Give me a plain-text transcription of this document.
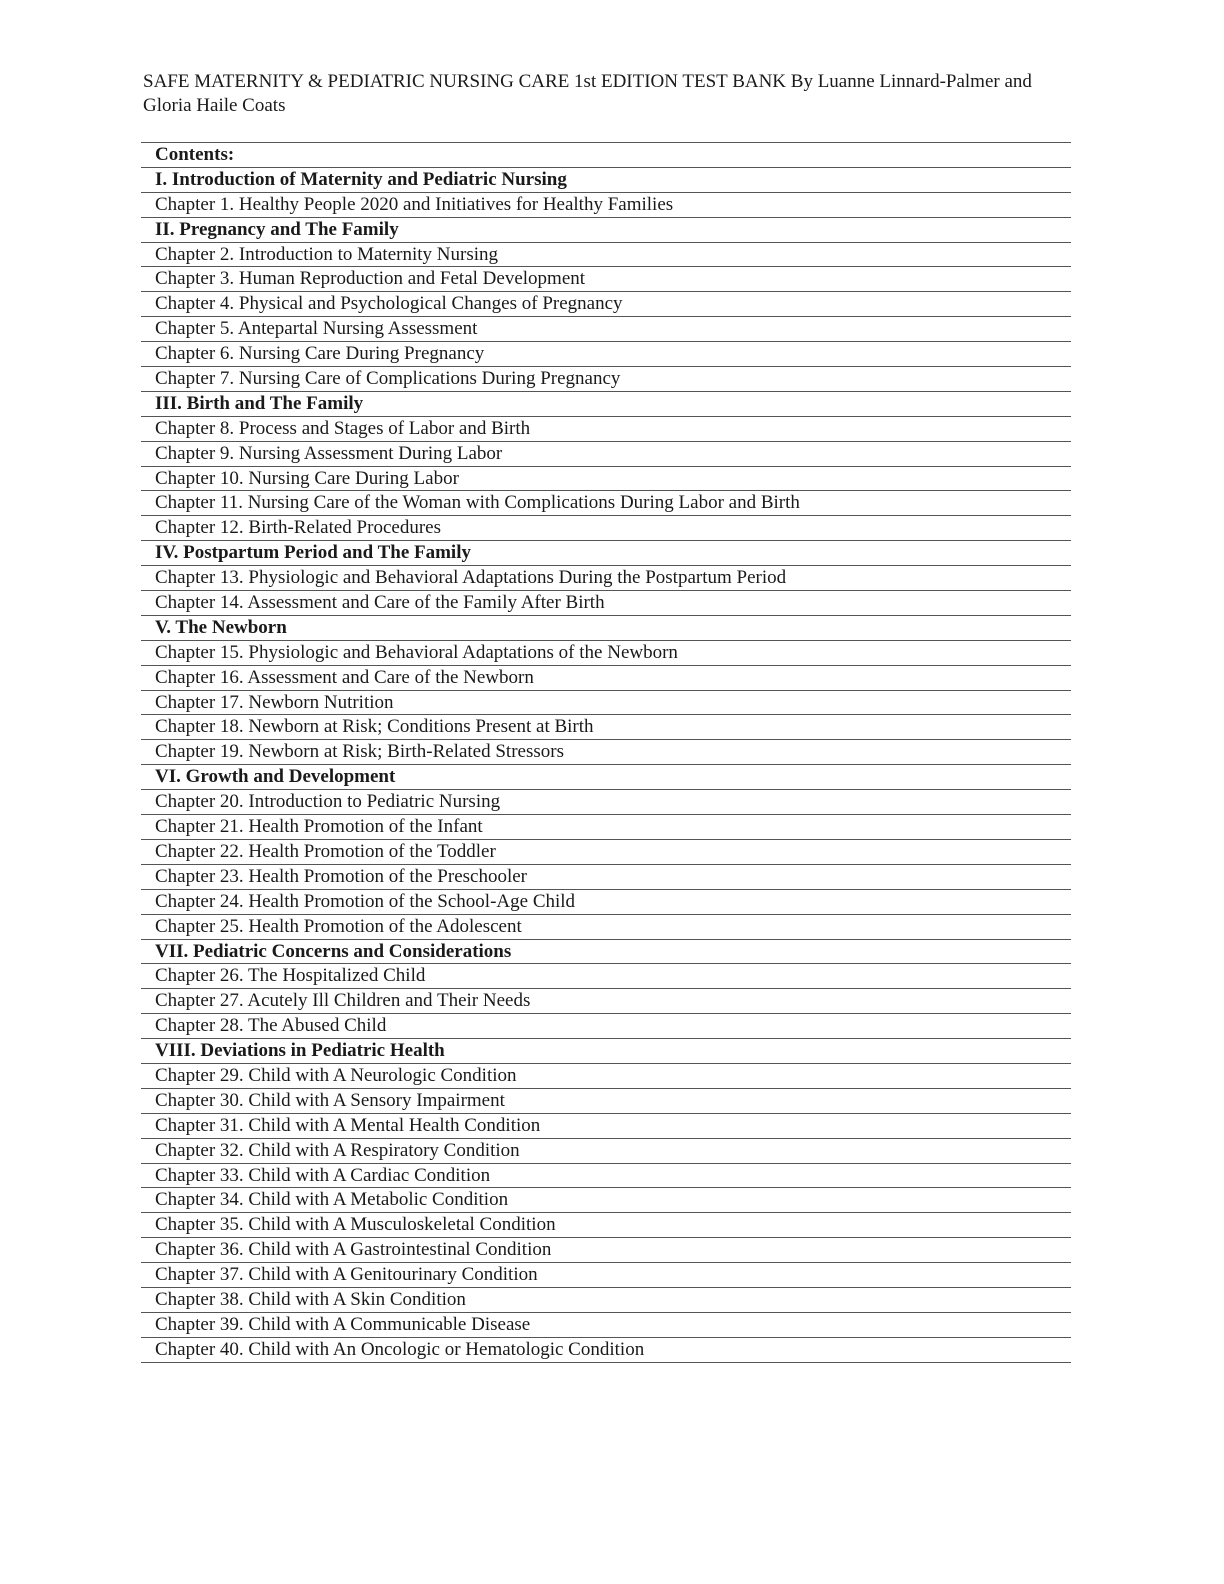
SAFE MATERNITY & PEDIATRIC NURSING CARE 1st EDITION TEST BANK By Luanne Linnard-Palmer and Gloria Haile Coats
Contents:
I. Introduction of Maternity and Pediatric Nursing
Chapter 1. Healthy People 2020 and Initiatives for Healthy Families
II. Pregnancy and The Family
Chapter 2. Introduction to Maternity Nursing
Chapter 3. Human Reproduction and Fetal Development
Chapter 4. Physical and Psychological Changes of Pregnancy
Chapter 5. Antepartal Nursing Assessment
Chapter 6. Nursing Care During Pregnancy
Chapter 7. Nursing Care of Complications During Pregnancy
III. Birth and The Family
Chapter 8. Process and Stages of Labor and Birth
Chapter 9. Nursing Assessment During Labor
Chapter 10. Nursing Care During Labor
Chapter 11. Nursing Care of the Woman with Complications During Labor and Birth
Chapter 12. Birth-Related Procedures
IV. Postpartum Period and The Family
Chapter 13. Physiologic and Behavioral Adaptations During the Postpartum Period
Chapter 14. Assessment and Care of the Family After Birth
V. The Newborn
Chapter 15. Physiologic and Behavioral Adaptations of the Newborn
Chapter 16. Assessment and Care of the Newborn
Chapter 17. Newborn Nutrition
Chapter 18. Newborn at Risk; Conditions Present at Birth
Chapter 19. Newborn at Risk; Birth-Related Stressors
VI. Growth and Development
Chapter 20. Introduction to Pediatric Nursing
Chapter 21. Health Promotion of the Infant
Chapter 22. Health Promotion of the Toddler
Chapter 23. Health Promotion of the Preschooler
Chapter 24. Health Promotion of the School-Age Child
Chapter 25. Health Promotion of the Adolescent
VII. Pediatric Concerns and Considerations
Chapter 26. The Hospitalized Child
Chapter 27. Acutely Ill Children and Their Needs
Chapter 28. The Abused Child
VIII. Deviations in Pediatric Health
Chapter 29. Child with A Neurologic Condition
Chapter 30. Child with A Sensory Impairment
Chapter 31. Child with A Mental Health Condition
Chapter 32. Child with A Respiratory Condition
Chapter 33. Child with A Cardiac Condition
Chapter 34. Child with A Metabolic Condition
Chapter 35. Child with A Musculoskeletal Condition
Chapter 36. Child with A Gastrointestinal Condition
Chapter 37. Child with A Genitourinary Condition
Chapter 38. Child with A Skin Condition
Chapter 39. Child with A Communicable Disease
Chapter 40. Child with An Oncologic or Hematologic Condition
